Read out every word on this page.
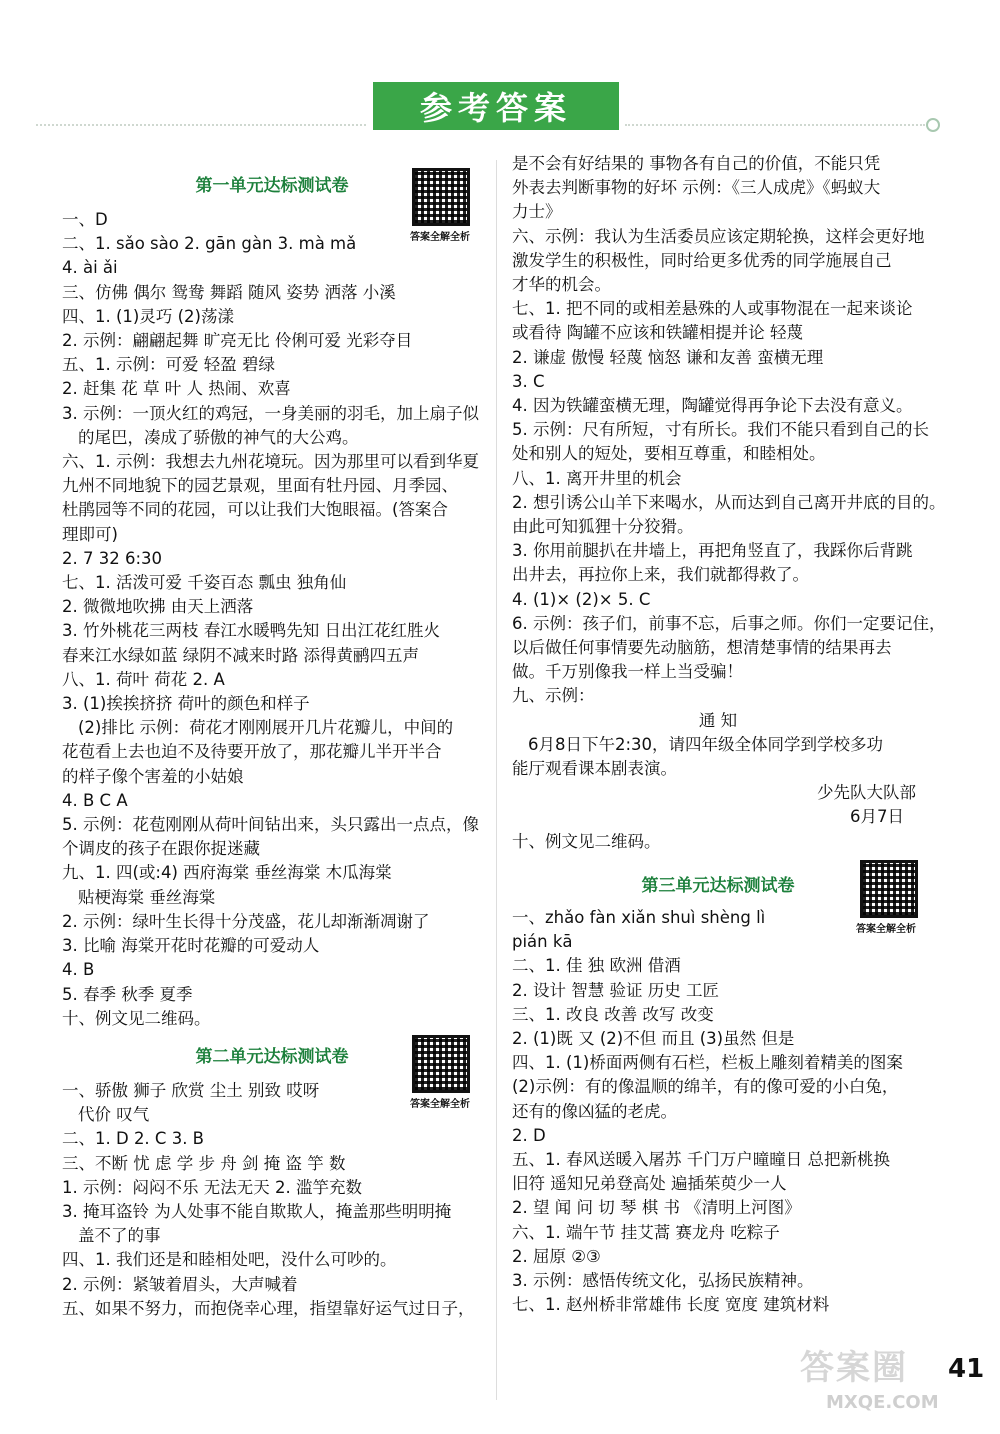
参考答案
第一单元达标测试卷
答案全解全析
一、D
二、1. sǎo sào 2. gān gàn 3. mà mǎ
4. ài ǎi
三、仿佛 偶尔 鸳鸯 舞蹈 随风 姿势 洒落 小溪
四、1. (1)灵巧 (2)荡漾
2. 示例：翩翩起舞 旷亮无比 伶俐可爱 光彩夺目
五、1. 示例：可爱 轻盈 碧绿
2. 赶集 花 草 叶 人 热闹、欢喜
3. 示例：一顶火红的鸡冠，一身美丽的羽毛，加上扇子似
的尾巴，凑成了骄傲的神气的大公鸡。
六、1. 示例：我想去九州花境玩。因为那里可以看到华夏
九州不同地貌下的园艺景观，里面有牡丹园、月季园、
杜鹃园等不同的花园，可以让我们大饱眼福。(答案合
理即可)
2. 7 32 6:30
七、1. 活泼可爱 千姿百态 瓢虫 独角仙
2. 微微地吹拂 由天上洒落
3. 竹外桃花三两枝 春江水暖鸭先知 日出江花红胜火
春来江水绿如蓝 绿阴不减来时路 添得黄鹂四五声
八、1. 荷叶 荷花 2. A
3. (1)挨挨挤挤 荷叶的颜色和样子
(2)排比 示例：荷花才刚刚展开几片花瓣儿，中间的
花苞看上去也迫不及待要开放了，那花瓣儿半开半合
的样子像个害羞的小姑娘
4. B C A
5. 示例：花苞刚刚从荷叶间钻出来，头只露出一点点，像
个调皮的孩子在跟你捉迷藏
九、1. 四(或:4) 西府海棠 垂丝海棠 木瓜海棠
贴梗海棠 垂丝海棠
2. 示例：绿叶生长得十分茂盛，花儿却渐渐凋谢了
3. 比喻 海棠开花时花瓣的可爱动人
4. B
5. 春季 秋季 夏季
十、例文见二维码。
第二单元达标测试卷
答案全解全析
一、骄傲 狮子 欣赏 尘土 别致 哎呀
代价 叹气
二、1. D 2. C 3. B
三、不断 忧 虑 学 步 舟 剑 掩 盗 竽 数
1. 示例：闷闷不乐 无法无天 2. 滥竽充数
3. 掩耳盗铃 为人处事不能自欺欺人，掩盖那些明明掩
盖不了的事
四、1. 我们还是和睦相处吧，没什么可吵的。
2. 示例：紧皱着眉头，大声喊着
五、如果不努力，而抱侥幸心理，指望靠好运气过日子，
是不会有好结果的 事物各有自己的价值，不能只凭
外表去判断事物的好坏 示例：《三人成虎》《蚂蚁大
力士》
六、示例：我认为生活委员应该定期轮换，这样会更好地
激发学生的积极性，同时给更多优秀的同学施展自己
才华的机会。
七、1. 把不同的或相差悬殊的人或事物混在一起来谈论
或看待 陶罐不应该和铁罐相提并论 轻蔑
2. 谦虚 傲慢 轻蔑 恼怒 谦和友善 蛮横无理
3. C
4. 因为铁罐蛮横无理，陶罐觉得再争论下去没有意义。
5. 示例：尺有所短，寸有所长。我们不能只看到自己的长
处和别人的短处，要相互尊重，和睦相处。
八、1. 离开井里的机会
2. 想引诱公山羊下来喝水，从而达到自己离开井底的目的。
由此可知狐狸十分狡猾。
3. 你用前腿扒在井墙上，再把角竖直了，我踩你后背跳
出井去，再拉你上来，我们就都得救了。
4. (1)× (2)× 5. C
6. 示例：孩子们，前事不忘，后事之师。你们一定要记住，
以后做任何事情要先动脑筋，想清楚事情的结果再去
做。千万别像我一样上当受骗！
九、示例：
通 知
6月8日下午2:30，请四年级全体同学到学校多功
能厅观看课本剧表演。
少先队大队部
6月7日
十、例文见二维码。
第三单元达标测试卷
答案全解全析
一、zhǎo fàn xiǎn shuì shèng lì
pián kā
二、1. 佳 独 欧洲 借酒
2. 设计 智慧 验证 历史 工匠
三、1. 改良 改善 改写 改变
2. (1)既 又 (2)不但 而且 (3)虽然 但是
四、1. (1)桥面两侧有石栏，栏板上雕刻着精美的图案
(2)示例：有的像温顺的绵羊，有的像可爱的小白兔，
还有的像凶猛的老虎。
2. D
五、1. 春风送暖入屠苏 千门万户曈曈日 总把新桃换
旧符 遥知兄弟登高处 遍插茱萸少一人
2. 望 闻 问 切 琴 棋 书 《清明上河图》
六、1. 端午节 挂艾蒿 赛龙舟 吃粽子
2. 屈原 ②③
3. 示例：感悟传统文化，弘扬民族精神。
七、1. 赵州桥非常雄伟 长度 宽度 建筑材料
答案圈
MXQE.COM
41
